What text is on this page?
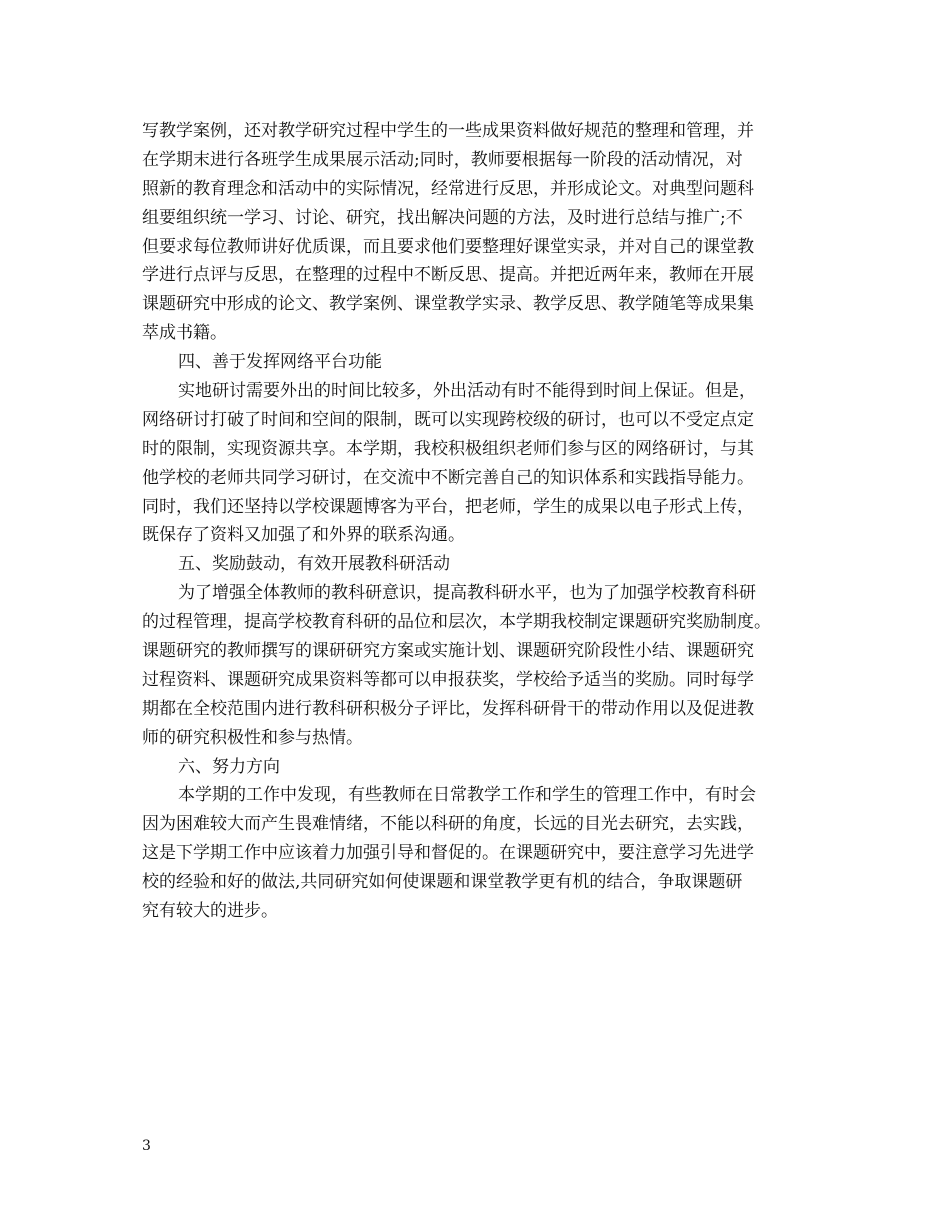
写教学案例，还对教学研究过程中学生的一些成果资料做好规范的整理和管理，并
在学期末进行各班学生成果展示活动;同时，教师要根据每一阶段的活动情况，对
照新的教育理念和活动中的实际情况，经常进行反思，并形成论文。对典型问题科
组要组织统一学习、讨论、研究，找出解决问题的方法，及时进行总结与推广;不
但要求每位教师讲好优质课，而且要求他们要整理好课堂实录，并对自己的课堂教
学进行点评与反思，在整理的过程中不断反思、提高。并把近两年来，教师在开展
课题研究中形成的论文、教学案例、课堂教学实录、教学反思、教学随笔等成果集
萃成书籍。
四、善于发挥网络平台功能
实地研讨需要外出的时间比较多，外出活动有时不能得到时间上保证。但是，
网络研讨打破了时间和空间的限制，既可以实现跨校级的研讨，也可以不受定点定
时的限制，实现资源共享。本学期，我校积极组织老师们参与区的网络研讨，与其
他学校的老师共同学习研讨，在交流中不断完善自己的知识体系和实践指导能力。
同时，我们还坚持以学校课题博客为平台，把老师，学生的成果以电子形式上传，
既保存了资料又加强了和外界的联系沟通。
五、奖励鼓动，有效开展教科研活动
为了增强全体教师的教科研意识，提高教科研水平，也为了加强学校教育科研
的过程管理，提高学校教育科研的品位和层次，本学期我校制定课题研究奖励制度。
课题研究的教师撰写的课研研究方案或实施计划、课题研究阶段性小结、课题研究
过程资料、课题研究成果资料等都可以申报获奖，学校给予适当的奖励。同时每学
期都在全校范围内进行教科研积极分子评比，发挥科研骨干的带动作用以及促进教
师的研究积极性和参与热情。
六、努力方向
本学期的工作中发现，有些教师在日常教学工作和学生的管理工作中，有时会
因为困难较大而产生畏难情绪，不能以科研的角度，长远的目光去研究，去实践，
这是下学期工作中应该着力加强引导和督促的。在课题研究中，要注意学习先进学
校的经验和好的做法,共同研究如何使课题和课堂教学更有机的结合，争取课题研
究有较大的进步。
3
